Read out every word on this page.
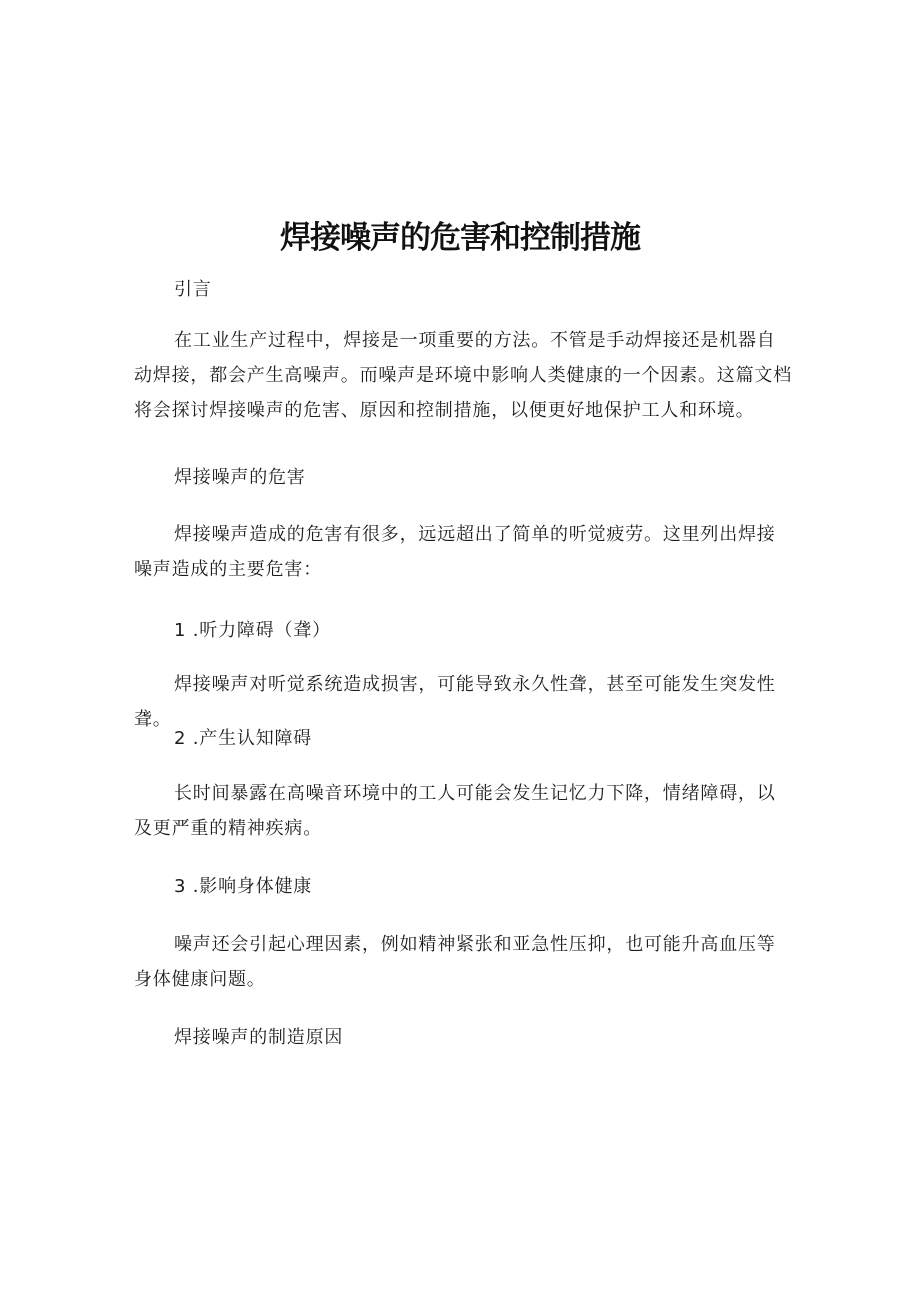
焊接噪声的危害和控制措施

引言

在工业生产过程中，焊接是一项重要的方法。不管是手动焊接还是机器自动焊接，都会产生高噪声。而噪声是环境中影响人类健康的一个因素。这篇文档将会探讨焊接噪声的危害、原因和控制措施，以便更好地保护工人和环境。

焊接噪声的危害

焊接噪声造成的危害有很多，远远超出了简单的听觉疲劳。这里列出焊接噪声造成的主要危害：

1 .听力障碍（聋）

焊接噪声对听觉系统造成损害，可能导致永久性聋，甚至可能发生突发性聋。

2 .产生认知障碍

长时间暴露在高噪音环境中的工人可能会发生记忆力下降，情绪障碍，以及更严重的精神疾病。

3 .影响身体健康

噪声还会引起心理因素，例如精神紧张和亚急性压抑，也可能升高血压等身体健康问题。

焊接噪声的制造原因
